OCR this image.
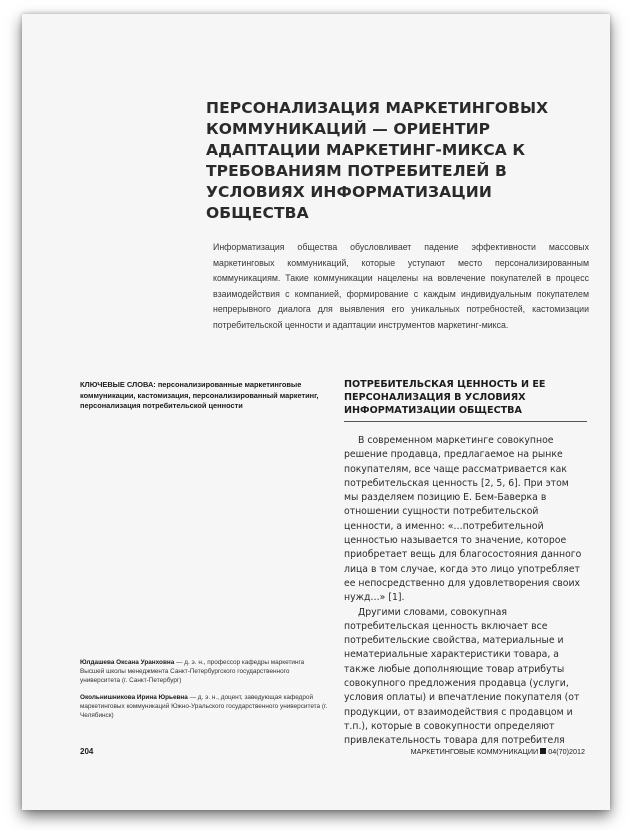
ПЕРСОНАЛИЗАЦИЯ МАРКЕТИНГОВЫХ КОММУНИКАЦИЙ — ОРИЕНТИР АДАПТАЦИИ МАРКЕТИНГ-МИКСА К ТРЕБОВАНИЯМ ПОТРЕБИТЕЛЕЙ В УСЛОВИЯХ ИНФОРМАТИЗАЦИИ ОБЩЕСТВА
Информатизация общества обусловливает падение эффективности массовых маркетинговых коммуникаций, которые уступают место персонализированным коммуникациям. Такие коммуникации нацелены на вовлечение покупателей в процесс взаимодействия с компанией, формирование с каждым индивидуальным покупателем непрерывного диалога для выявления его уникальных потребностей, кастомизации потребительской ценности и адаптации инструментов маркетинг-микса.
КЛЮЧЕВЫЕ СЛОВА: персонализированные маркетинговые коммуникации, кастомизация, персонализированный маркетинг, персонализация потребительской ценности
ПОТРЕБИТЕЛЬСКАЯ ЦЕННОСТЬ И ЕЕ ПЕРСОНАЛИЗАЦИЯ В УСЛОВИЯХ ИНФОРМАТИЗАЦИИ ОБЩЕСТВА

В современном маркетинге совокупное решение продавца, предлагаемое на рынке покупателям, все чаще рассматривается как потребительская ценность [2, 5, 6]. При этом мы разделяем позицию Е. Бем-Баверка в отношении сущности потребительской ценности, а именно: «…потребительной ценностью называется то значение, которое приобретает вещь для благосостояния данного лица в том случае, когда это лицо употребляет ее непосредственно для удовлетворения своих нужд…» [1].

Другими словами, совокупная потребительская ценность включает все потребительские свойства, материальные и нематериальные характеристики товара, а также любые дополняющие товар атрибуты совокупного предложения продавца (услуги, условия оплаты) и впечатление покупателя (от продукции, от взаимодействия с продавцом и т.п.), которые в совокупности определяют привлекательность товара для потребителя

Юлдашева Оксана Уранховна — д. э. н., профессор кафедры маркетинга Высшей школы менеджмента Санкт-Петербургского государственного университета (г. Санкт-Петербург)

Окольнишникова Ирина Юрьевна — д. э. н., доцент, заведующая кафедрой маркетинговых коммуникаций Южно-Уральского государственного университета (г. Челябинск)

204	МАРКЕТИНГОВЫЕ КОММУНИКАЦИИ 04(70)2012
